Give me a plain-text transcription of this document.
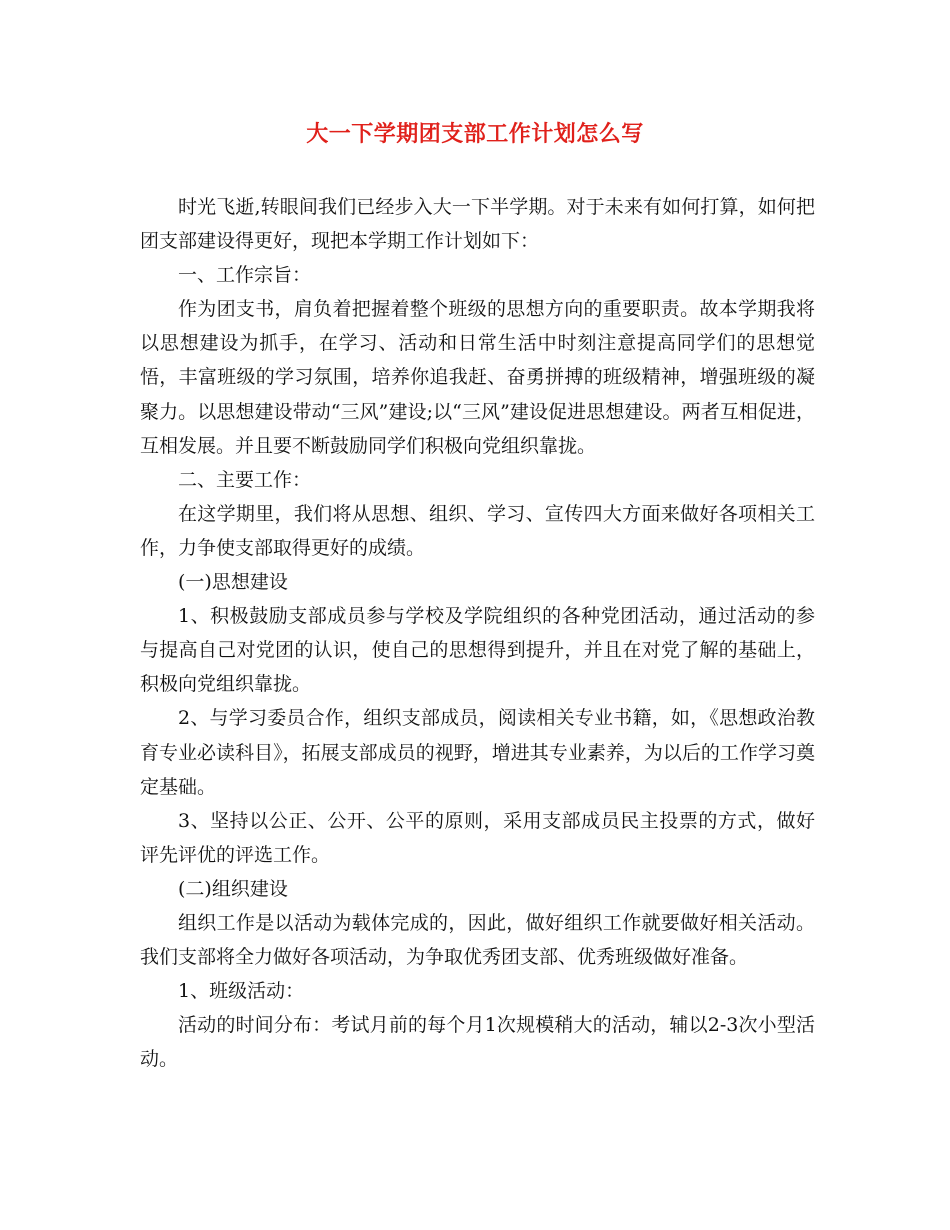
大一下学期团支部工作计划怎么写

时光飞逝,转眼间我们已经步入大一下半学期。对于未来有如何打算，如何把团支部建设得更好，现把本学期工作计划如下：

一、工作宗旨：

作为团支书，肩负着把握着整个班级的思想方向的重要职责。故本学期我将以思想建设为抓手，在学习、活动和日常生活中时刻注意提高同学们的思想觉悟，丰富班级的学习氛围，培养你追我赶、奋勇拼搏的班级精神，增强班级的凝聚力。以思想建设带动“三风”建设;以“三风”建设促进思想建设。两者互相促进，互相发展。并且要不断鼓励同学们积极向党组织靠拢。

二、主要工作：

在这学期里，我们将从思想、组织、学习、宣传四大方面来做好各项相关工作，力争使支部取得更好的成绩。

(一)思想建设

1、积极鼓励支部成员参与学校及学院组织的各种党团活动，通过活动的参与提高自己对党团的认识，使自己的思想得到提升，并且在对党了解的基础上，积极向党组织靠拢。

2、与学习委员合作，组织支部成员，阅读相关专业书籍，如，《思想政治教育专业必读科目》，拓展支部成员的视野，增进其专业素养，为以后的工作学习奠定基础。

3、坚持以公正、公开、公平的原则，采用支部成员民主投票的方式，做好评先评优的评选工作。

(二)组织建设

组织工作是以活动为载体完成的，因此，做好组织工作就要做好相关活动。我们支部将全力做好各项活动，为争取优秀团支部、优秀班级做好准备。

1、班级活动：

活动的时间分布：考试月前的每个月1次规模稍大的活动，辅以2-3次小型活动。
